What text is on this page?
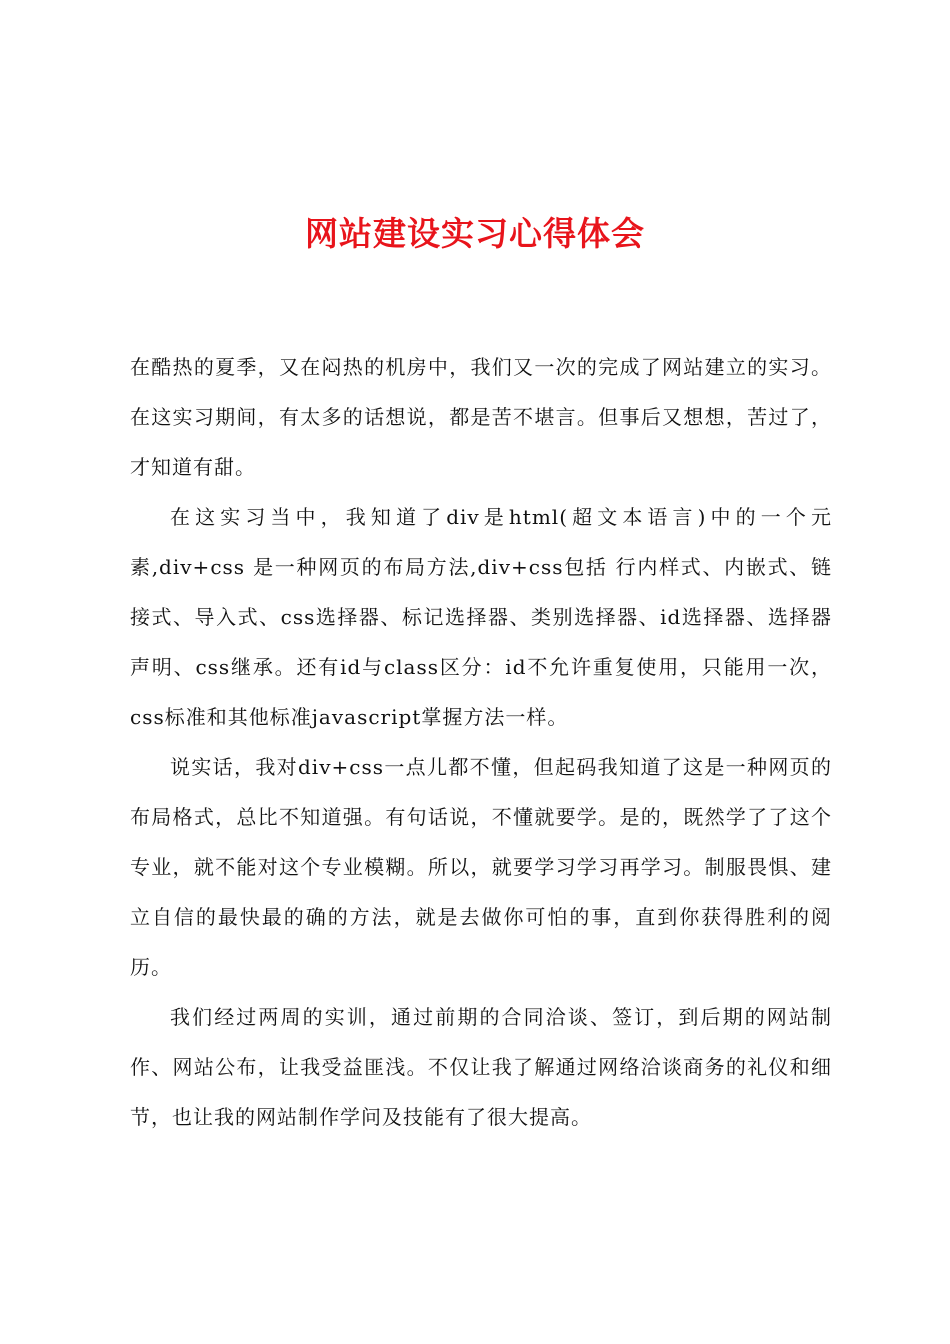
网站建设实习心得体会

在酷热的夏季，又在闷热的机房中，我们又一次的完成了网站建立的实习。在这实习期间，有太多的话想说，都是苦不堪言。但事后又想想，苦过了，才知道有甜。

在这实习当中，我知道了div是html(超文本语言)中的一个元素,div+css 是一种网页的布局方法,div+css包括 行内样式、内嵌式、链接式、导入式、css选择器、标记选择器、类别选择器、id选择器、选择器声明、css继承。还有id与class区分：id不允许重复使用，只能用一次，css标准和其他标准javascript掌握方法一样。

说实话，我对div+css一点儿都不懂，但起码我知道了这是一种网页的布局格式，总比不知道强。有句话说，不懂就要学。是的，既然学了了这个专业，就不能对这个专业模糊。所以，就要学习学习再学习。制服畏惧、建立自信的最快最的确的方法，就是去做你可怕的事，直到你获得胜利的阅历。

我们经过两周的实训，通过前期的合同洽谈、签订，到后期的网站制作、网站公布，让我受益匪浅。不仅让我了解通过网络洽谈商务的礼仪和细节，也让我的网站制作学问及技能有了很大提高。
